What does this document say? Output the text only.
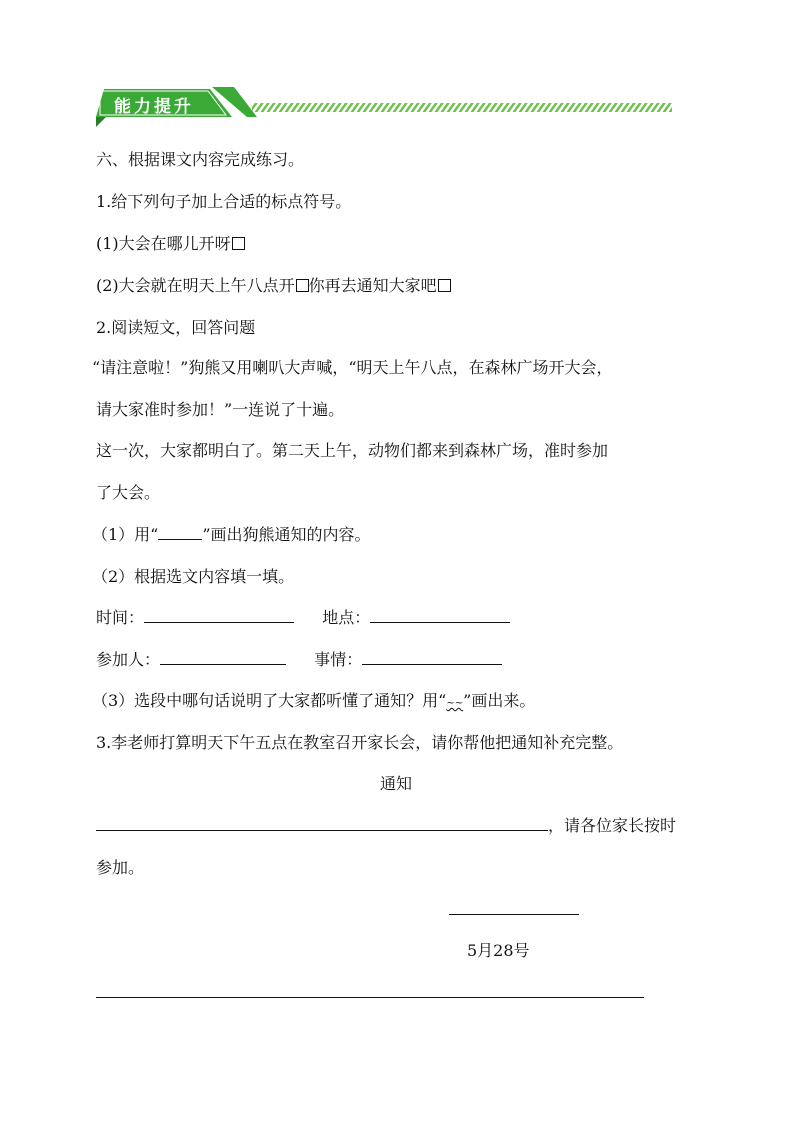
能力提升
六、根据课文内容完成练习。
1.给下列句子加上合适的标点符号。
(1)大会在哪儿开呀
(2)大会就在明天上午八点开 你再去通知大家吧
2.阅读短文，回答问题
“请注意啦！”狗熊又用喇叭大声喊，“明天上午八点，在森林广场开大会，
请大家准时参加！”一连说了十遍。
这一次，大家都明白了。第二天上午，动物们都来到森林广场，准时参加
了大会。
（1）用“	”画出狗熊通知的内容。
（2）根据选文内容填一填。
时间：	地点：
参加人：	事情：
（3）选段中哪句话说明了大家都听懂了通知？用“~~”画出来。
3.李老师打算明天下午五点在教室召开家长会，请你帮他把通知补充完整。
通知
，请各位家长按时
参加。
5月28号
